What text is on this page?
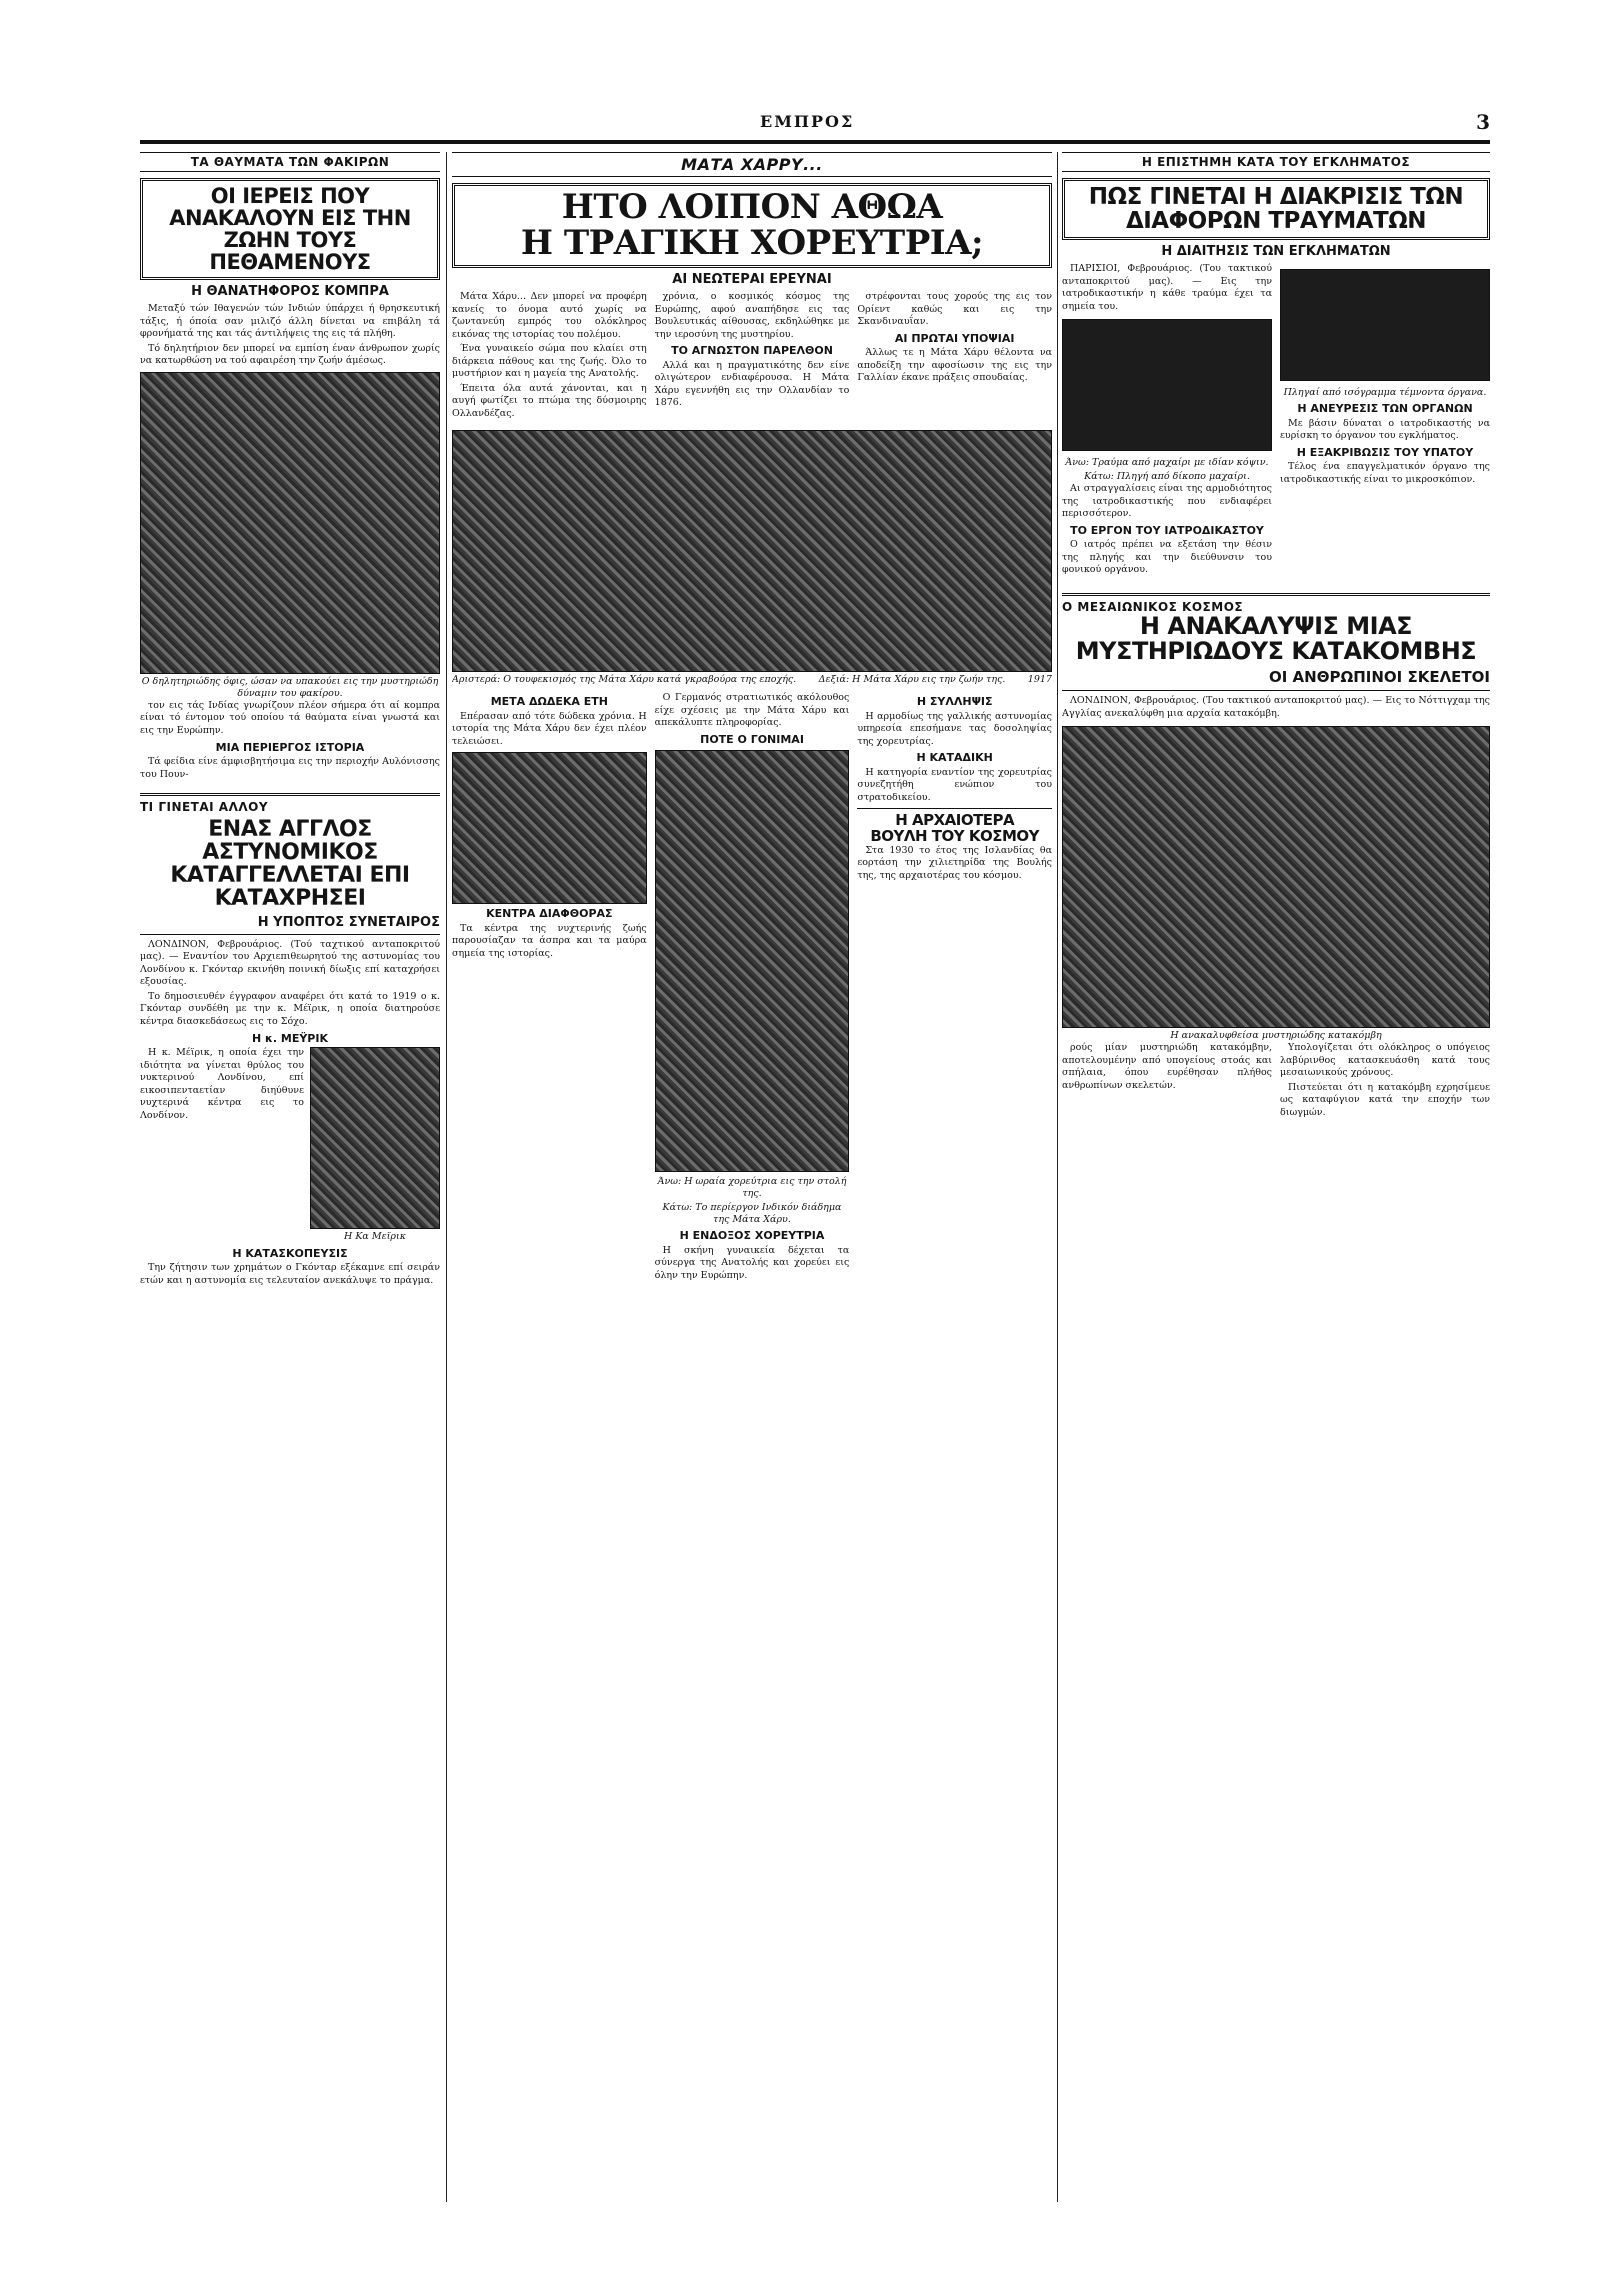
ΕΜΠΡΟΣ	3
ΤΑ ΘΑΥΜΑΤΑ ΤΩΝ ΦΑΚΙΡΩΝ
ΟΙ ΙΕΡΕΙΣ ΠΟΥ ΑΝΑΚΑΛΟΥΝ ΕΙΣ ΤΗΝ ΖΩΗΝ ΤΟΥΣ ΠΕΘΑΜΕΝΟΥΣ
Η ΘΑΝΑΤΗΦΟΡΟΣ ΚΟΜΠΡΑ

Μεταξύ τών Ιθαγενών τών Ινδιών ύπάρχει ή θρησκευτική τάξις, ή όποία σαν μιλιζό άλλη δίνεται να επιβάλη τά φρονήματά της και τάς άντιλήψεις της εις τά πλήθη.

Τό δηλητήριον δεν μπορεί να εμπίση έναν άνθρωπον χωρίς να κατωρθώση να τού αφαιρέση την ζωήν άμέσως.

Ο δηλητηριώδης όφις, ώσαν να υπακούει εις την μυστηριώδη δύναμιν του φακίρου.

τον εις τάς Ινδίας γνωρίζουν πλέον σήμερα ότι αί κομπρα είναι τό έντομον τού οποίου τά θαύματα είναι γνωστά και εις την Ευρώπην.

ΜΙΑ ΠΕΡΙΕΡΓΟΣ ΙΣΤΟΡΙΑ

Τά φείδια είνε άμφισβητήσιμα εις την περιοχήν Αυλόνισσης του Πουν-

ΤΙ ΓΙΝΕΤΑΙ ΑΛΛΟΥ
ΕΝΑΣ ΑΓΓΛΟΣ ΑΣΤΥΝΟΜΙΚΟΣ ΚΑΤΑΓΓΕΛΛΕΤΑΙ ΕΠΙ ΚΑΤΑΧΡΗΣΕΙ
Η ΥΠΟΠΤΟΣ ΣΥΝΕΤΑΙΡΟΣ

ΛΟΝΔΙΝΟΝ, Φεβρουάριος. (Τού ταχτικού ανταποκριτού μας). — Εναντίον του Αρχιεπιθεωρητού της αστυνομίας του Λονδίνου κ. Γκόνταρ εκινήθη ποινική δίωξις επί καταχρήσει εξουσίας.

Το δημοσιευθέν έγγραφον αναφέρει ότι κατά το 1919 ο κ. Γκόνταρ συνδέθη με την κ. Μέϊρικ, η οποία διατηρούσε κέντρα διασκεδάσεως εις το Σόχο.

Η κ. ΜΕΫΡΙΚ

Η κ. Μέϊρικ, η οποία έχει την ιδιότητα να γίνεται θρύλος του νυκτερινού Λονδίνου, επί εικοσιπενταετίαν διηύθυνε νυχτερινά κέντρα εις το Λονδίνον.

Η Κα Μεϊρικ
Η ΚΑΤΑΣΚΟΠΕΥΣΙΣ

Την ζήτησιν των χρημάτων ο Γκόνταρ εξέκαμνε επί σειράν ετών και η αστυνομία εις τελευταίον ανεκάλυψε το πράγμα.

ΜΑΤΑ ΧΑΡΡΥ...
ΗΤΟ ΛΟΙΠΟΝ ΑΘΩΑ
Η ΤΡΑΓΙΚΗ ΧΟΡΕΥΤΡΙΑ;
ΑΙ ΝΕΩΤΕΡΑΙ ΕΡΕΥΝΑΙ

Μάτα Χάρυ... Δεν μπορεί να προφέρη κανείς το όνομα αυτό χωρίς να ζωντανεύη εμπρός του ολόκληρος εικόνας της ιστορίας του πολέμου.

Ένα γυναικείο σώμα που κλαίει στη διάρκεια πάθους και της ζωής. Όλο το μυστήριον και η μαγεία της Ανατολής.

Έπειτα όλα αυτά χάνονται, και η αυγή φωτίζει το πτώμα της δύσμοιρης Ολλανδέζας.

χρόνια, ο κοσμικός κόσμος της Ευρώπης, αφού αναπήδησε εις τας Βουλευτικάς αίθουσας, εκδηλώθηκε με την ιεροσύνη της μυστηρίου.

ΤΟ ΑΓΝΩΣΤΟΝ ΠΑΡΕΛΘΟΝ

Αλλά και η πραγματικότης δεν είνε ολιγώτερον ενδιαφέρουσα. Η Μάτα Χάρυ εγεννήθη εις την Ολλανδίαν το 1876.

στρέφονται τους χορούς της εις τον Ορίεντ καθώς και εις την Σκανδιναυΐαν.

ΑΙ ΠΡΩΤΑΙ ΥΠΟΨΙΑΙ

Άλλως τε η Μάτα Χάρυ θέλοντα να αποδείξη την αφοσίωσιν της εις την Γαλλίαν έκανε πράξεις σπουδαίας.

Αριστερά: Ο τουφεκισμός της Μάτα Χάρυ κατά γκραβούρα της εποχής. Δεξιά: Η Μάτα Χάρυ εις την ζωήν της. 1917
ΜΕΤΑ ΔΩΔΕΚΑ ΕΤΗ

Επέρασαν από τότε δώδεκα χρόνια. Η ιστορία της Μάτα Χάρυ δεν έχει πλέον τελειώσει.

ΚΕΝΤΡΑ ΔΙΑΦΘΟΡΑΣ

Τα κέντρα της νυχτερινής ζωής παρουσίαζαν τα άσπρα και τα μαύρα σημεία της ιστορίας.

Ο Γερμανός στρατιωτικός ακόλουθος είχε σχέσεις με την Μάτα Χάρυ και απεκάλυπτε πληροφορίας.

ΠΟΤΕ Ο ΓΟΝΙΜΑΙ
Άνω: Η ωραία χορεύτρια εις την στολή της.
Κάτω: Το περίεργον Ινδικόν διάδημα της Μάτα Χάρυ.
Η ΕΝΔΟΞΟΣ ΧΟΡΕΥΤΡΙΑ

Η σκήνη γυναικεία δέχεται τα σύνεργα της Ανατολής και χορεύει εις όλην την Ευρώπην.

Η ΣΥΛΛΗΨΙΣ

Η αρμοδίως της γαλλικής αστυνομίας υπηρεσία επεσήμανε τας δοσοληψίας της χορευτρίας.

Η ΚΑΤΑΔΙΚΗ

Η κατηγορία εναντίον της χορευτρίας συνεζητήθη ενώπιον του στρατοδικείου.

Η ΑΡΧΑΙΟΤΕΡΑ
ΒΟΥΛΗ ΤΟΥ ΚΟΣΜΟΥ

Στα 1930 το έτος της Ισλανδίας θα εορτάση την χιλιετηρίδα της Βουλής της, της αρχαιοτέρας του κόσμου.

Η ΕΠΙΣΤΗΜΗ ΚΑΤΑ ΤΟΥ ΕΓΚΛΗΜΑΤΟΣ
ΠΩΣ ΓΙΝΕΤΑΙ Η ΔΙΑΚΡΙΣΙΣ ΤΩΝ ΔΙΑΦΟΡΩΝ ΤΡΑΥΜΑΤΩΝ
Η ΔΙΑΙΤΗΣΙΣ ΤΩΝ ΕΓΚΛΗΜΑΤΩΝ

ΠΑΡΙΣΙΟΙ, Φεβρουάριος. (Του τακτικού ανταποκριτού μας). — Εις την ιατροδικαστικήν η κάθε τραύμα έχει τα σημεία του.

Άνω: Τραύμα από μαχαίρι με ιδίαν κόψιν.
Κάτω: Πληγή από δίκοπο μαχαίρι.

Αι στραγγαλίσεις είναι της αρμοδιότητος της ιατροδικαστικής που ενδιαφέρει περισσότερον.

ΤΟ ΕΡΓΟΝ ΤΟΥ ΙΑΤΡΟΔΙΚΑΣΤΟΥ

Ο ιατρός πρέπει να εξετάση την θέσιν της πληγής και την διεύθυνσιν του φονικού οργάνου.

Πληγαί από ισόγραμμα τέμνοντα όργανα.
Η ΑΝΕΥΡΕΣΙΣ ΤΩΝ ΟΡΓΑΝΩΝ

Με βάσιν δύναται ο ιατροδικαστής να ευρίσκη το όργανον του εγκλήματος.

Η ΕΞΑΚΡΙΒΩΣΙΣ ΤΟΥ ΥΠΑΤΟΥ

Τέλος ένα επαγγελματικόν όργανο της ιατροδικαστικής είναι το μικροσκόπιον.

Ο ΜΕΣΑΙΩΝΙΚΟΣ ΚΟΣΜΟΣ
Η ΑΝΑΚΑΛΥΨΙΣ ΜΙΑΣ
ΜΥΣΤΗΡΙΩΔΟΥΣ ΚΑΤΑΚΟΜΒΗΣ
ΟΙ ΑΝΘΡΩΠΙΝΟΙ ΣΚΕΛΕΤΟΙ

ΛΟΝΔΙΝΟΝ, Φεβρουάριος. (Του τακτικού ανταποκριτού μας). — Εις το Νόττιγχαμ της Αγγλίας ανεκαλύφθη μια αρχαία κατακόμβη.

Η ανακαλυφθείσα μυστηριώδης κατακόμβη

ρούς μίαν μυστηριώδη κατακόμβην, αποτελουμένην από υπογείους στοάς και σπήλαια, όπου ευρέθησαν πλήθος ανθρωπίνων σκελετών.

Υπολογίζεται ότι ολόκληρος ο υπόγειος λαβύρινθος κατασκευάσθη κατά τους μεσαιωνικούς χρόνους.

Πιστεύεται ότι η κατακόμβη εχρησίμευε ως καταφύγιον κατά την εποχήν των διωγμών.
